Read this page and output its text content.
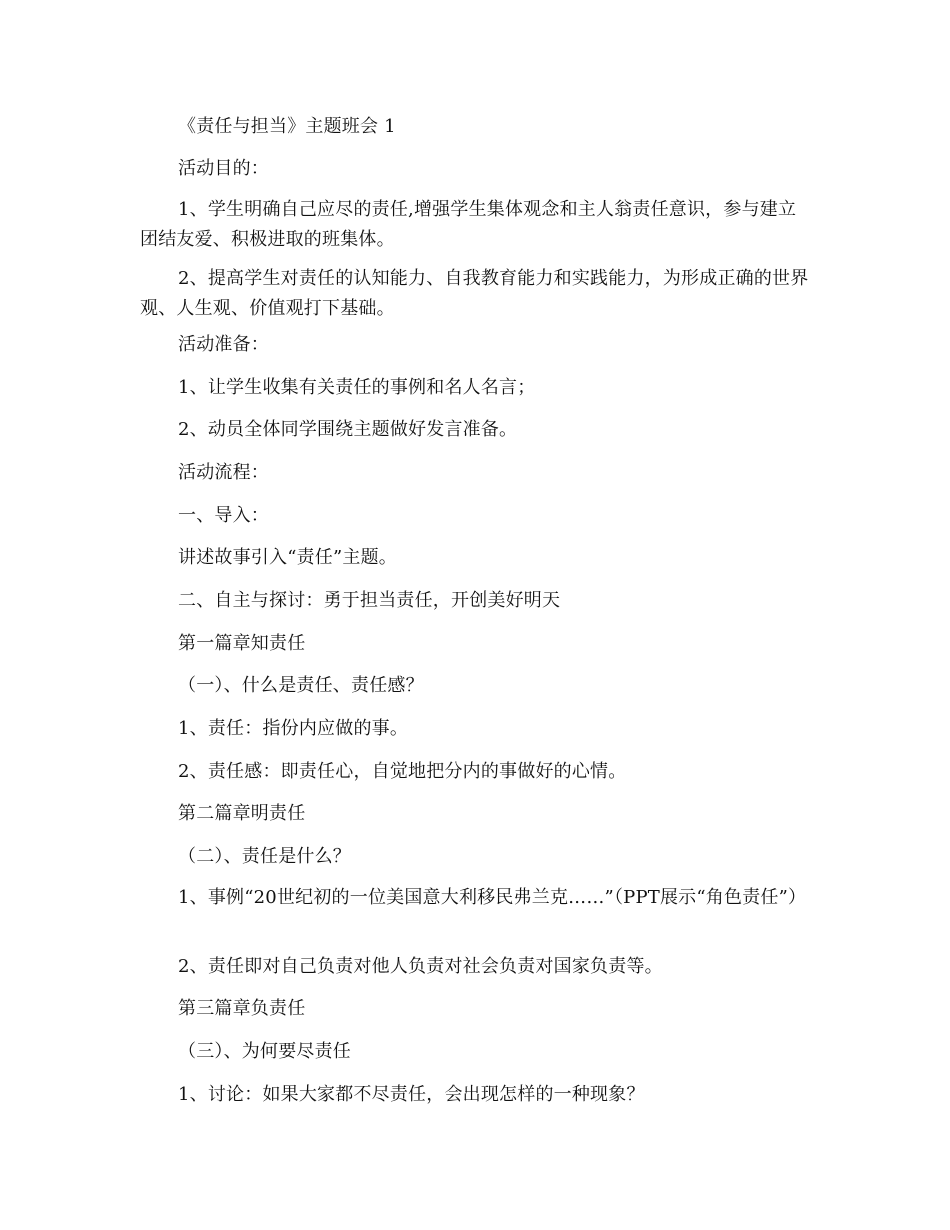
《责任与担当》主题班会 1
活动目的：
1、学生明确自己应尽的责任,增强学生集体观念和主人翁责任意识，参与建立团结友爱、积极进取的班集体。
2、提高学生对责任的认知能力、自我教育能力和实践能力，为形成正确的世界观、人生观、价值观打下基础。
活动准备：
1、让学生收集有关责任的事例和名人名言；
2、动员全体同学围绕主题做好发言准备。
活动流程：
一、导入：
讲述故事引入“责任”主题。
二、自主与探讨：勇于担当责任，开创美好明天
第一篇章知责任
（一）、什么是责任、责任感？
1、责任：指份内应做的事。
2、责任感：即责任心，自觉地把分内的事做好的心情。
第二篇章明责任
（二）、责任是什么？
1、事例“20世纪初的一位美国意大利移民弗兰克……”（PPT展示“角色责任”）
2、责任即对自己负责对他人负责对社会负责对国家负责等。
第三篇章负责任
（三）、为何要尽责任
1、讨论：如果大家都不尽责任，会出现怎样的一种现象？
